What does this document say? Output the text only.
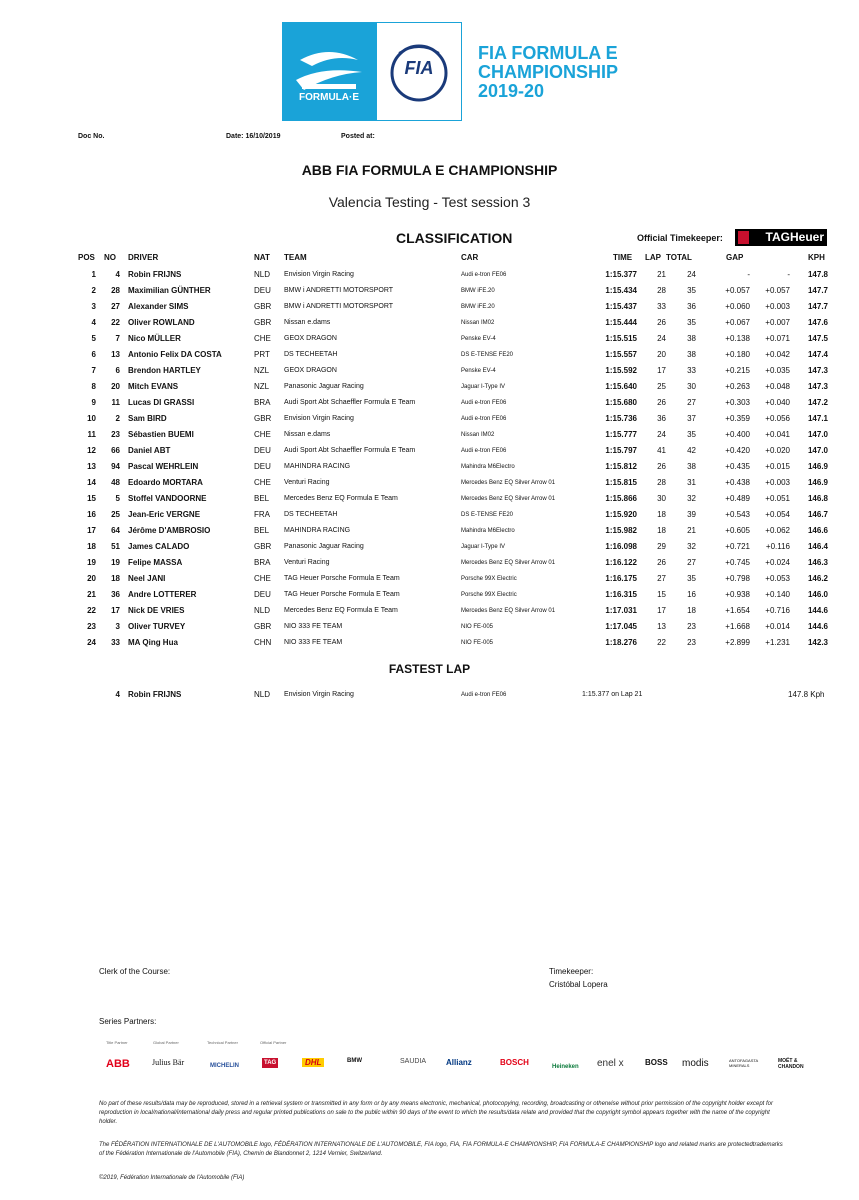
FORMULA·E
FIA
FIA FORMULA E
CHAMPIONSHIP
2019-20
Doc No.	Date: 16/10/2019	Posted at:
ABB FIA FORMULA E CHAMPIONSHIP
Valencia Testing - Test session 3
CLASSIFICATION	Official Timekeeper:	TAGHeuer
POS NO DRIVER	NAT TEAM	CAR	TIME LAP TOTAL	GAP	KPH
1	4 Robin FRIJNS	NLD Envision Virgin Racing	Audi e-tron FE06	1:15.377	21	24	-	-	147.8
2	28 Maximilian GÜNTHER	DEU BMW i ANDRETTI MOTORSPORT	BMW iFE.20	1:15.434	28	35	+0.057	+0.057	147.7
3	27 Alexander SIMS	GBR BMW i ANDRETTI MOTORSPORT	BMW iFE.20	1:15.437	33	36	+0.060	+0.003	147.7
4	22 Oliver ROWLAND	GBR Nissan e.dams	Nissan IM02	1:15.444	26	35	+0.067	+0.007	147.6
5	7 Nico MÜLLER	CHE GEOX DRAGON	Penske EV-4	1:15.515	24	38	+0.138	+0.071	147.5
6	13 Antonio Felix DA COSTA	PRT DS TECHEETAH	DS E-TENSE FE20	1:15.557	20	38	+0.180	+0.042	147.4
7	6 Brendon HARTLEY	NZL GEOX DRAGON	Penske EV-4	1:15.592	17	33	+0.215	+0.035	147.3
8	20 Mitch EVANS	NZL Panasonic Jaguar Racing	Jaguar I-Type IV	1:15.640	25	30	+0.263	+0.048	147.3
9	11 Lucas DI GRASSI	BRA Audi Sport Abt Schaeffler Formula E Team	Audi e-tron FE06	1:15.680	26	27	+0.303	+0.040	147.2
10	2 Sam BIRD	GBR Envision Virgin Racing	Audi e-tron FE06	1:15.736	36	37	+0.359	+0.056	147.1
11	23 Sébastien BUEMI	CHE Nissan e.dams	Nissan IM02	1:15.777	24	35	+0.400	+0.041	147.0
12	66 Daniel ABT	DEU Audi Sport Abt Schaeffler Formula E Team	Audi e-tron FE06	1:15.797	41	42	+0.420	+0.020	147.0
13	94 Pascal WEHRLEIN	DEU MAHINDRA RACING	Mahindra M6Electro	1:15.812	26	38	+0.435	+0.015	146.9
14	48 Edoardo MORTARA	CHE Venturi Racing	Mercedes Benz EQ Silver Arrow 01	1:15.815	28	31	+0.438	+0.003	146.9
15	5 Stoffel VANDOORNE	BEL Mercedes Benz EQ Formula E Team	Mercedes Benz EQ Silver Arrow 01	1:15.866	30	32	+0.489	+0.051	146.8
16	25 Jean-Eric VERGNE	FRA DS TECHEETAH	DS E-TENSE FE20	1:15.920	18	39	+0.543	+0.054	146.7
17	64 Jérôme D'AMBROSIO	BEL MAHINDRA RACING	Mahindra M6Electro	1:15.982	18	21	+0.605	+0.062	146.6
18	51 James CALADO	GBR Panasonic Jaguar Racing	Jaguar I-Type IV	1:16.098	29	32	+0.721	+0.116	146.4
19	19 Felipe MASSA	BRA Venturi Racing	Mercedes Benz EQ Silver Arrow 01	1:16.122	26	27	+0.745	+0.024	146.3
20	18 Neel JANI	CHE TAG Heuer Porsche Formula E Team	Porsche 99X Electric	1:16.175	27	35	+0.798	+0.053	146.2
21	36 Andre LOTTERER	DEU TAG Heuer Porsche Formula E Team	Porsche 99X Electric	1:16.315	15	16	+0.938	+0.140	146.0
22	17 Nick DE VRIES	NLD Mercedes Benz EQ Formula E Team	Mercedes Benz EQ Silver Arrow 01	1:17.031	17	18	+1.654	+0.716	144.6
23	3 Oliver TURVEY	GBR NIO 333 FE TEAM	NIO FE-005	1:17.045	13	23	+1.668	+0.014	144.6
24	33 MA Qing Hua	CHN NIO 333 FE TEAM	NIO FE-005	1:18.276	22	23	+2.899	+1.231	142.3
FASTEST LAP
4 Robin FRIJNS	NLD Envision Virgin Racing	Audi e-tron FE06	1:15.377 on Lap 21	147.8 Kph
Clerk of the Course:	Timekeeper:
Cristóbal Lopera
Series Partners:
Title Partner	Global Partner	Technical Partner	Official Partner
ABB	Julius Bär	MICHELIN	TAG	DHL	BMW	SAUDIA Allianz	BOSCH	Heineken enel x	BOSS modis	ANTOFAGASTA MINERALS
MOËT & CHANDON
No part of these results/data may be reproduced, stored in a retrieval system or transmitted in any form or by any means electronic, mechanical, photocopying, recording, broadcasting or otherwise without prior permission of the copyright holder except for reproduction in local/national/international daily press and regular printed publications on sale to the public within 90 days of the event to which the results/data relate and provided that the copyright symbol appears together with the name of the copyright holder.
The FÉDÉRATION INTERNATIONALE DE L'AUTOMOBILE logo, FÉDÉRATION INTERNATIONALE DE L'AUTOMOBILE, FIA logo, FIA, FIA FORMULA-E CHAMPIONSHIP, FIA FORMULA-E CHAMPIONSHIP logo and related marks are protectedtrademarks of the Fédération Internationale de l'Automobile (FIA), Chemin de Blandonnet 2, 1214 Vernier, Switzerland.
©2019, Fédération Internationale de l'Automobile (FIA)
